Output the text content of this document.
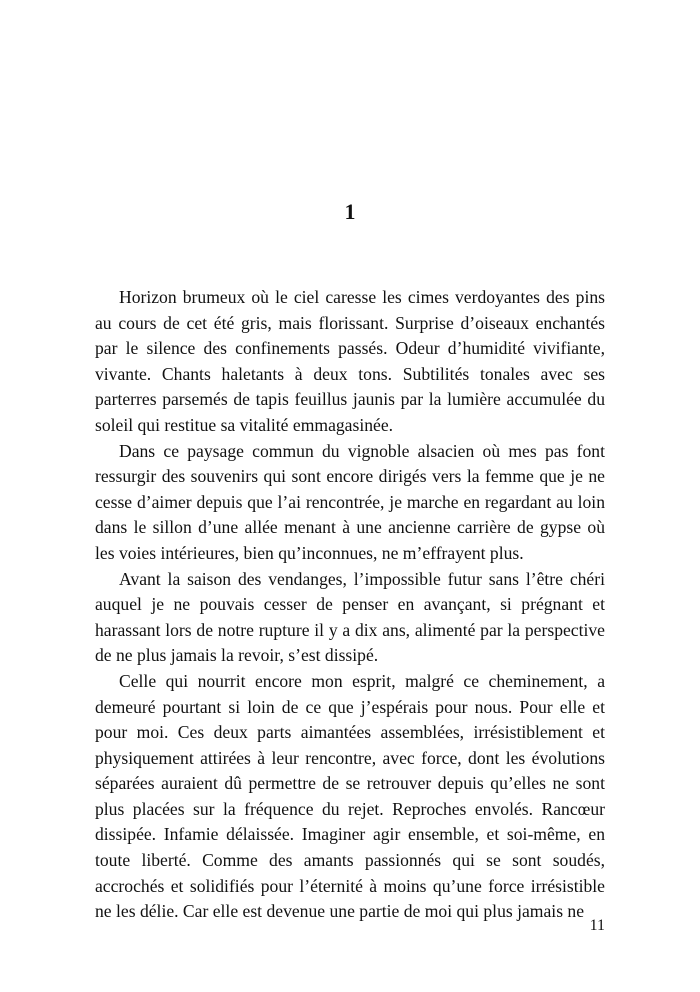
1

Horizon brumeux où le ciel caresse les cimes verdoyantes des pins au cours de cet été gris, mais florissant. Surprise d’oiseaux enchantés par le silence des confinements passés. Odeur d’humidité vivifiante, vivante. Chants haletants à deux tons. Subtilités tonales avec ses parterres parsemés de tapis feuillus jaunis par la lumière accumulée du soleil qui restitue sa vitalité emmagasinée.

Dans ce paysage commun du vignoble alsacien où mes pas font ressurgir des souvenirs qui sont encore dirigés vers la femme que je ne cesse d’aimer depuis que l’ai rencontrée, je marche en regardant au loin dans le sillon d’une allée menant à une ancienne carrière de gypse où les voies intérieures, bien qu’inconnues, ne m’effrayent plus.

Avant la saison des vendanges, l’impossible futur sans l’être chéri auquel je ne pouvais cesser de penser en avançant, si prégnant et harassant lors de notre rupture il y a dix ans, alimenté par la perspective de ne plus jamais la revoir, s’est dissipé.

Celle qui nourrit encore mon esprit, malgré ce cheminement, a demeuré pourtant si loin de ce que j’espérais pour nous. Pour elle et pour moi. Ces deux parts aimantées assemblées, irrésistiblement et physiquement attirées à leur rencontre, avec force, dont les évolutions séparées auraient dû permettre de se retrouver depuis qu’elles ne sont plus placées sur la fréquence du rejet. Reproches envolés. Rancœur dissipée. Infamie délaissée. Imaginer agir ensemble, et soi-même, en toute liberté. Comme des amants passionnés qui se sont soudés, accrochés et solidifiés pour l’éternité à moins qu’une force irrésistible ne les délie. Car elle est devenue une partie de moi qui plus jamais ne

11
